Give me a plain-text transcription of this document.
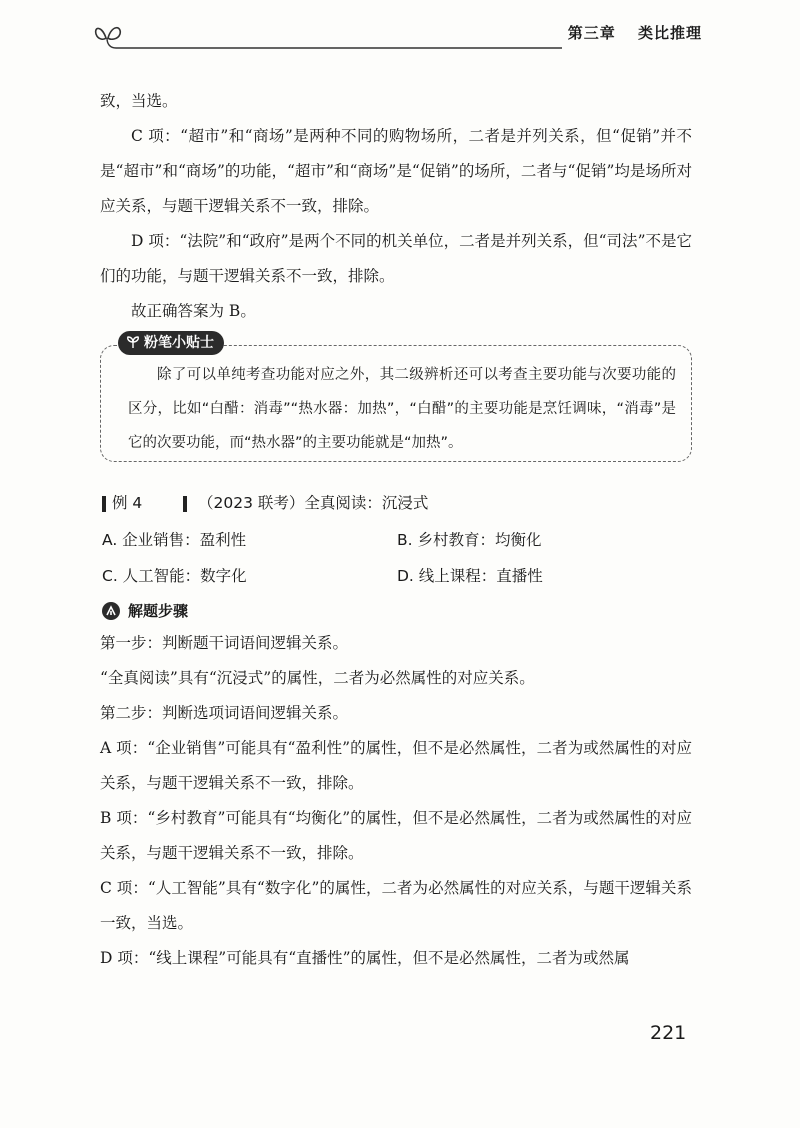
第三章 类比推理

致，当选。

C 项：“超市”和“商场”是两种不同的购物场所，二者是并列关系，但“促销”并不是“超市”和“商场”的功能，“超市”和“商场”是“促销”的场所，二者与“促销”均是场所对应关系，与题干逻辑关系不一致，排除。

D 项：“法院”和“政府”是两个不同的机关单位，二者是并列关系，但“司法”不是它们的功能，与题干逻辑关系不一致，排除。

故正确答案为 B。

粉笔小贴士

除了可以单纯考查功能对应之外，其二级辨析还可以考查主要功能与次要功能的区分，比如“白醋：消毒”“热水器：加热”，“白醋”的主要功能是烹饪调味，“消毒”是它的次要功能，而“热水器”的主要功能就是“加热”。

例 4	（2023 联考）全真阅读：沉浸式
A. 企业销售：盈利性	B. 乡村教育：均衡化
C. 人工智能：数字化	D. 线上课程：直播性
解题步骤

第一步：判断题干词语间逻辑关系。

“全真阅读”具有“沉浸式”的属性，二者为必然属性的对应关系。

第二步：判断选项词语间逻辑关系。

A 项：“企业销售”可能具有“盈利性”的属性，但不是必然属性，二者为或然属性的对应关系，与题干逻辑关系不一致，排除。

B 项：“乡村教育”可能具有“均衡化”的属性，但不是必然属性，二者为或然属性的对应关系，与题干逻辑关系不一致，排除。

C 项：“人工智能”具有“数字化”的属性，二者为必然属性的对应关系，与题干逻辑关系一致，当选。

D 项：“线上课程”可能具有“直播性”的属性，但不是必然属性，二者为或然属

221
